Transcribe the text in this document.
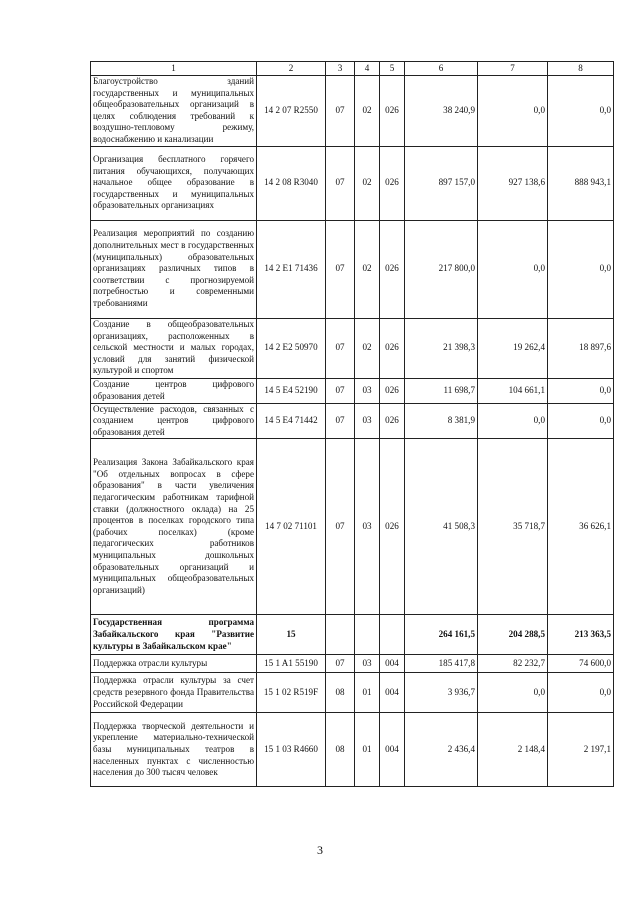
1	2	3	4	5	6	7	8
Благоустройство зданий государственных и муниципальных общеобразовательных организаций в целях соблюдения требований к воздушно-тепловому режиму, водоснабжению и канализации	14 2 07 R2550	07	02	026	38 240,9	0,0	0,0
Организация бесплатного горячего питания обучающихся, получающих начальное общее образование в государственных и муниципальных образовательных организациях	14 2 08 R3040	07	02	026	897 157,0	927 138,6	888 943,1
Реализация мероприятий по созданию дополнительных мест в государственных (муниципальных) образовательных организациях различных типов в соответствии с прогнозируемой потребностью и современными требованиями	14 2 E1 71436	07	02	026	217 800,0	0,0	0,0
Создание в общеобразовательных организациях, расположенных в сельской местности и малых городах, условий для занятий физической культурой и спортом	14 2 E2 50970	07	02	026	21 398,3	19 262,4	18 897,6
Создание центров цифрового образования детей	14 5 E4 52190	07	03	026	11 698,7	104 661,1	0,0
Осуществление расходов, связанных с созданием центров цифрового образования детей	14 5 E4 71442	07	03	026	8 381,9	0,0	0,0
Реализация Закона Забайкальского края "Об отдельных вопросах в сфере образования" в части увеличения педагогическим работникам тарифной ставки (должностного оклада) на 25 процентов в поселках городского типа (рабочих поселках) (кроме педагогических работников муниципальных дошкольных образовательных организаций и муниципальных общеобразовательных организаций)	14 7 02 71101	07	03	026	41 508,3	35 718,7	36 626,1
Государственная программа Забайкальского края "Развитие культуры в Забайкальском крае"	15				264 161,5	204 288,5	213 363,5
Поддержка отрасли культуры	15 1 A1 55190	07	03	004	185 417,8	82 232,7	74 600,0
Поддержка отрасли культуры за счет средств резервного фонда Правительства Российской Федерации	15 1 02 R519F	08	01	004	3 936,7	0,0	0,0
Поддержка творческой деятельности и укрепление материально-технической базы муниципальных театров в населенных пунктах с численностью населения до 300 тысяч человек	15 1 03 R4660	08	01	004	2 436,4	2 148,4	2 197,1
3
